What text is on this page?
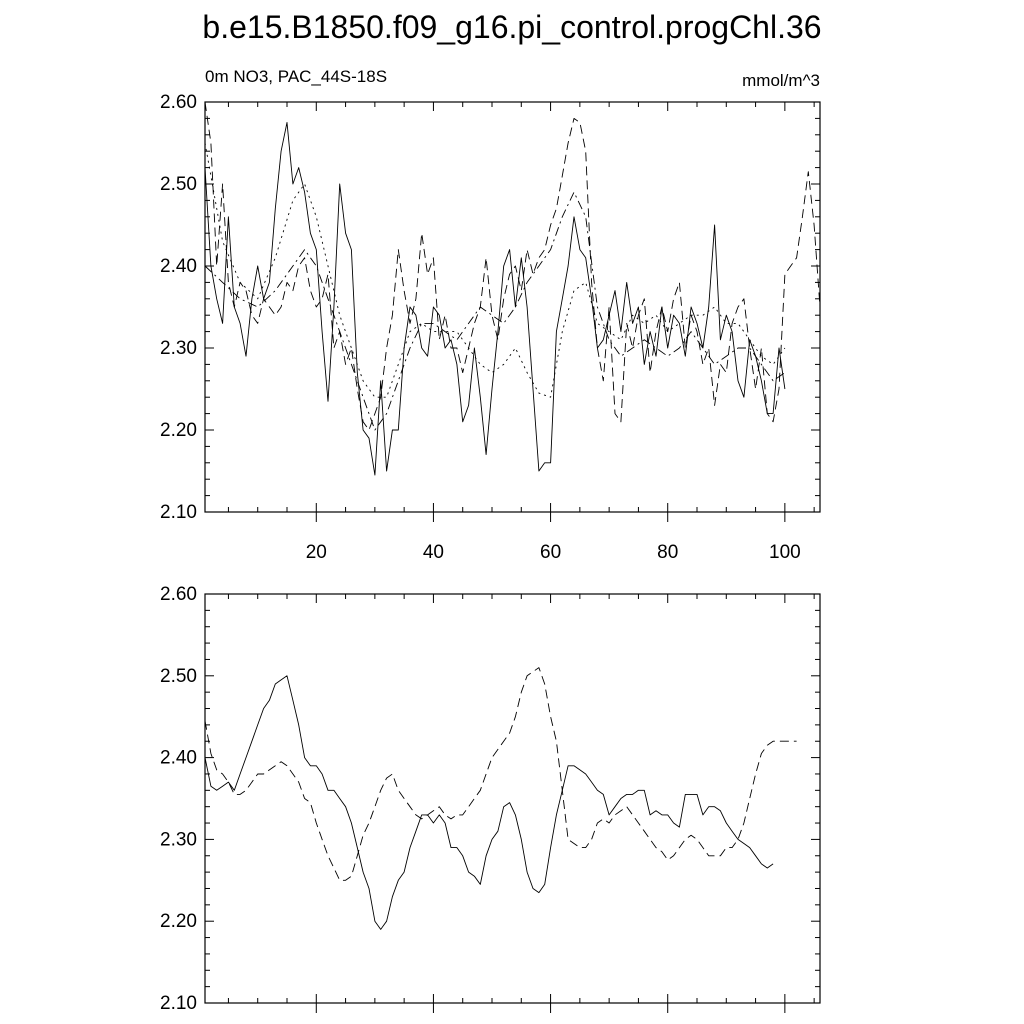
b.e15.B1850.f09_g16.pi_control.progChl.36
0m NO3, PAC_44S-18S	mmol/m^3
2.60
2.50
2.40
2.30
2.20
2.10
20	40	60	80	100
2.60
2.50
2.40
2.30
2.20
2.10
